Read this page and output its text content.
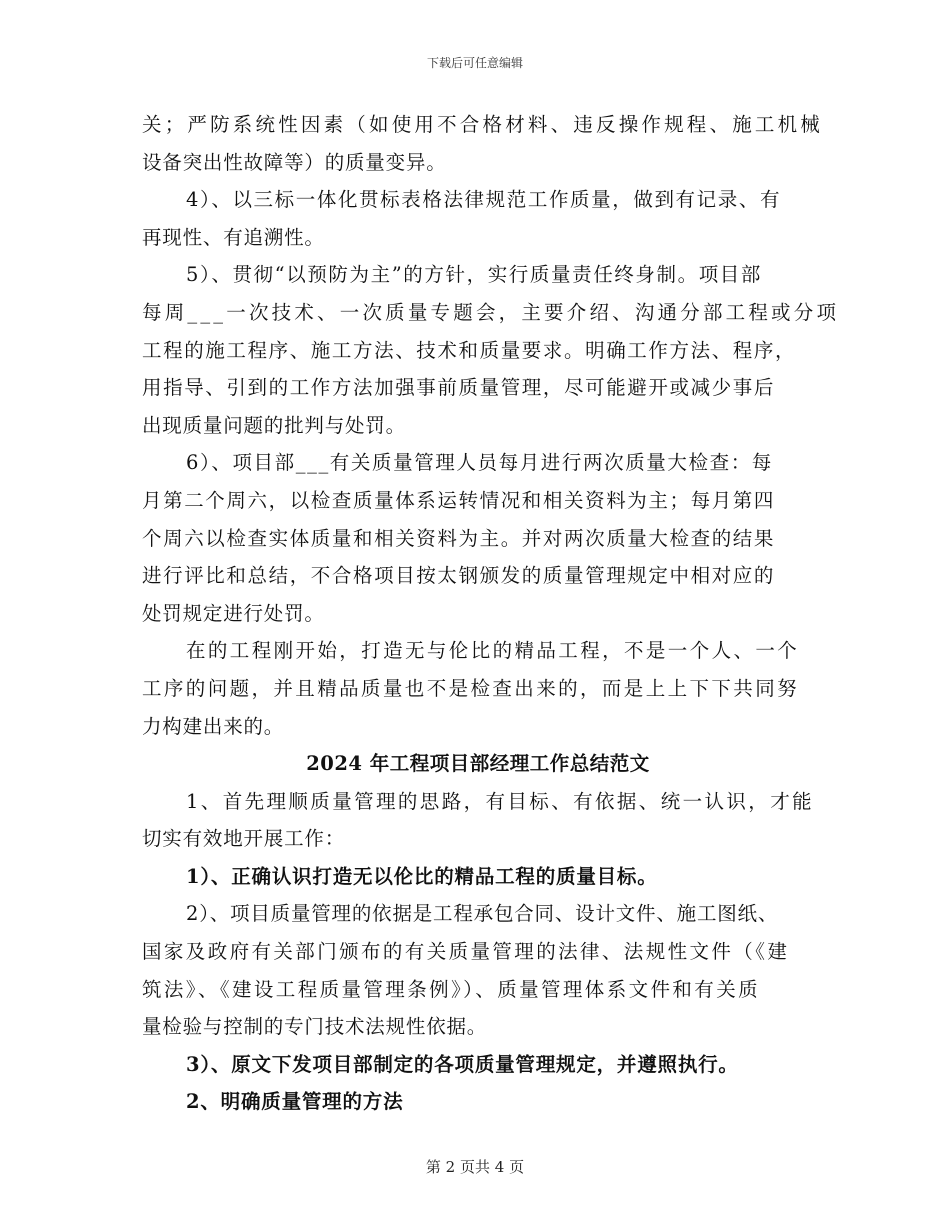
下载后可任意编辑
关；严防系统性因素（如使用不合格材料、违反操作规程、施工机械
设备突出性故障等）的质量变异。
4）、以三标一体化贯标表格法律规范工作质量，做到有记录、有
再现性、有追溯性。
5）、贯彻“以预防为主”的方针，实行质量责任终身制。项目部
每周___一次技术、一次质量专题会，主要介绍、沟通分部工程或分项
工程的施工程序、施工方法、技术和质量要求。明确工作方法、程序，
用指导、引到的工作方法加强事前质量管理，尽可能避开或减少事后
出现质量问题的批判与处罚。
6）、项目部___有关质量管理人员每月进行两次质量大检查：每
月第二个周六，以检查质量体系运转情况和相关资料为主；每月第四
个周六以检查实体质量和相关资料为主。并对两次质量大检查的结果
进行评比和总结，不合格项目按太钢颁发的质量管理规定中相对应的
处罚规定进行处罚。
在的工程刚开始，打造无与伦比的精品工程，不是一个人、一个
工序的问题，并且精品质量也不是检查出来的，而是上上下下共同努
力构建出来的。
2024 年工程项目部经理工作总结范文
1、首先理顺质量管理的思路，有目标、有依据、统一认识，才能
切实有效地开展工作：
1）、正确认识打造无以伦比的精品工程的质量目标。
2）、项目质量管理的依据是工程承包合同、设计文件、施工图纸、
国家及政府有关部门颁布的有关质量管理的法律、法规性文件（《建
筑法》、《建设工程质量管理条例》）、质量管理体系文件和有关质
量检验与控制的专门技术法规性依据。
3）、原文下发项目部制定的各项质量管理规定，并遵照执行。
2、明确质量管理的方法
第 2 页共 4 页
